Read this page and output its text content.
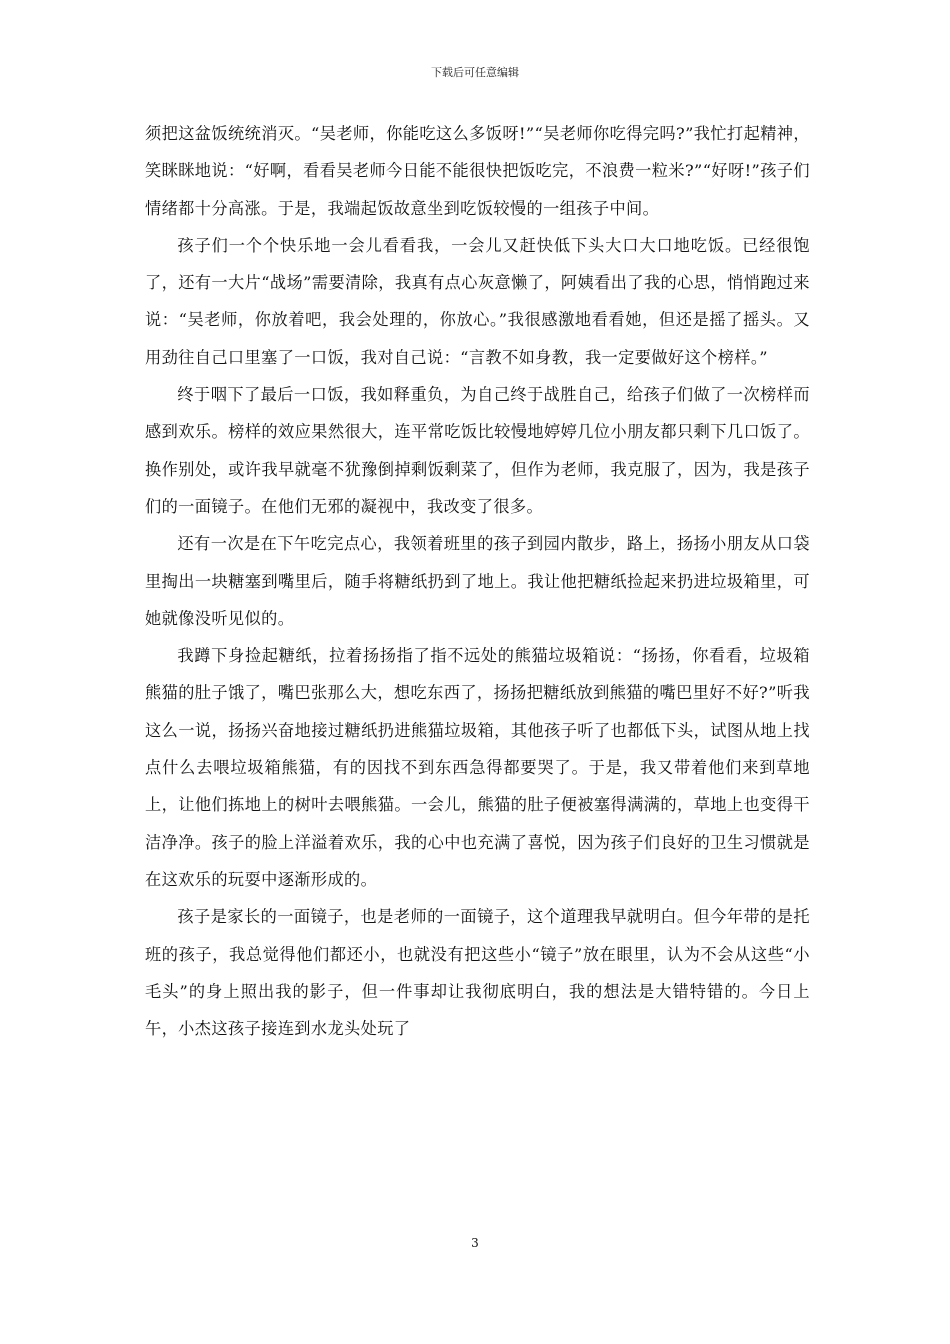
下载后可任意编辑

须把这盆饭统统消灭。“吴老师，你能吃这么多饭呀!”“吴老师你吃得完吗?”我忙打起精神，笑眯眯地说：“好啊，看看吴老师今日能不能很快把饭吃完，不浪费一粒米?”“好呀!”孩子们情绪都十分高涨。于是，我端起饭故意坐到吃饭较慢的一组孩子中间。

孩子们一个个快乐地一会儿看看我，一会儿又赶快低下头大口大口地吃饭。已经很饱了，还有一大片“战场”需要清除，我真有点心灰意懒了，阿姨看出了我的心思，悄悄跑过来说：“吴老师，你放着吧，我会处理的，你放心。”我很感激地看看她，但还是摇了摇头。又用劲往自己口里塞了一口饭，我对自己说：“言教不如身教，我一定要做好这个榜样。”

终于咽下了最后一口饭，我如释重负，为自己终于战胜自己，给孩子们做了一次榜样而感到欢乐。榜样的效应果然很大，连平常吃饭比较慢地婷婷几位小朋友都只剩下几口饭了。换作别处，或许我早就毫不犹豫倒掉剩饭剩菜了，但作为老师，我克服了，因为，我是孩子们的一面镜子。在他们无邪的凝视中，我改变了很多。

还有一次是在下午吃完点心，我领着班里的孩子到园内散步，路上，扬扬小朋友从口袋里掏出一块糖塞到嘴里后，随手将糖纸扔到了地上。我让他把糖纸捡起来扔进垃圾箱里，可她就像没听见似的。

我蹲下身捡起糖纸，拉着扬扬指了指不远处的熊猫垃圾箱说：“扬扬，你看看，垃圾箱熊猫的肚子饿了，嘴巴张那么大，想吃东西了，扬扬把糖纸放到熊猫的嘴巴里好不好?”听我这么一说，扬扬兴奋地接过糖纸扔进熊猫垃圾箱，其他孩子听了也都低下头，试图从地上找点什么去喂垃圾箱熊猫，有的因找不到东西急得都要哭了。于是，我又带着他们来到草地上，让他们拣地上的树叶去喂熊猫。一会儿，熊猫的肚子便被塞得满满的，草地上也变得干洁净净。孩子的脸上洋溢着欢乐，我的心中也充满了喜悦，因为孩子们良好的卫生习惯就是在这欢乐的玩耍中逐渐形成的。

孩子是家长的一面镜子，也是老师的一面镜子，这个道理我早就明白。但今年带的是托班的孩子，我总觉得他们都还小，也就没有把这些小“镜子”放在眼里，认为不会从这些“小毛头”的身上照出我的影子，但一件事却让我彻底明白，我的想法是大错特错的。今日上午，小杰这孩子接连到水龙头处玩了

3
